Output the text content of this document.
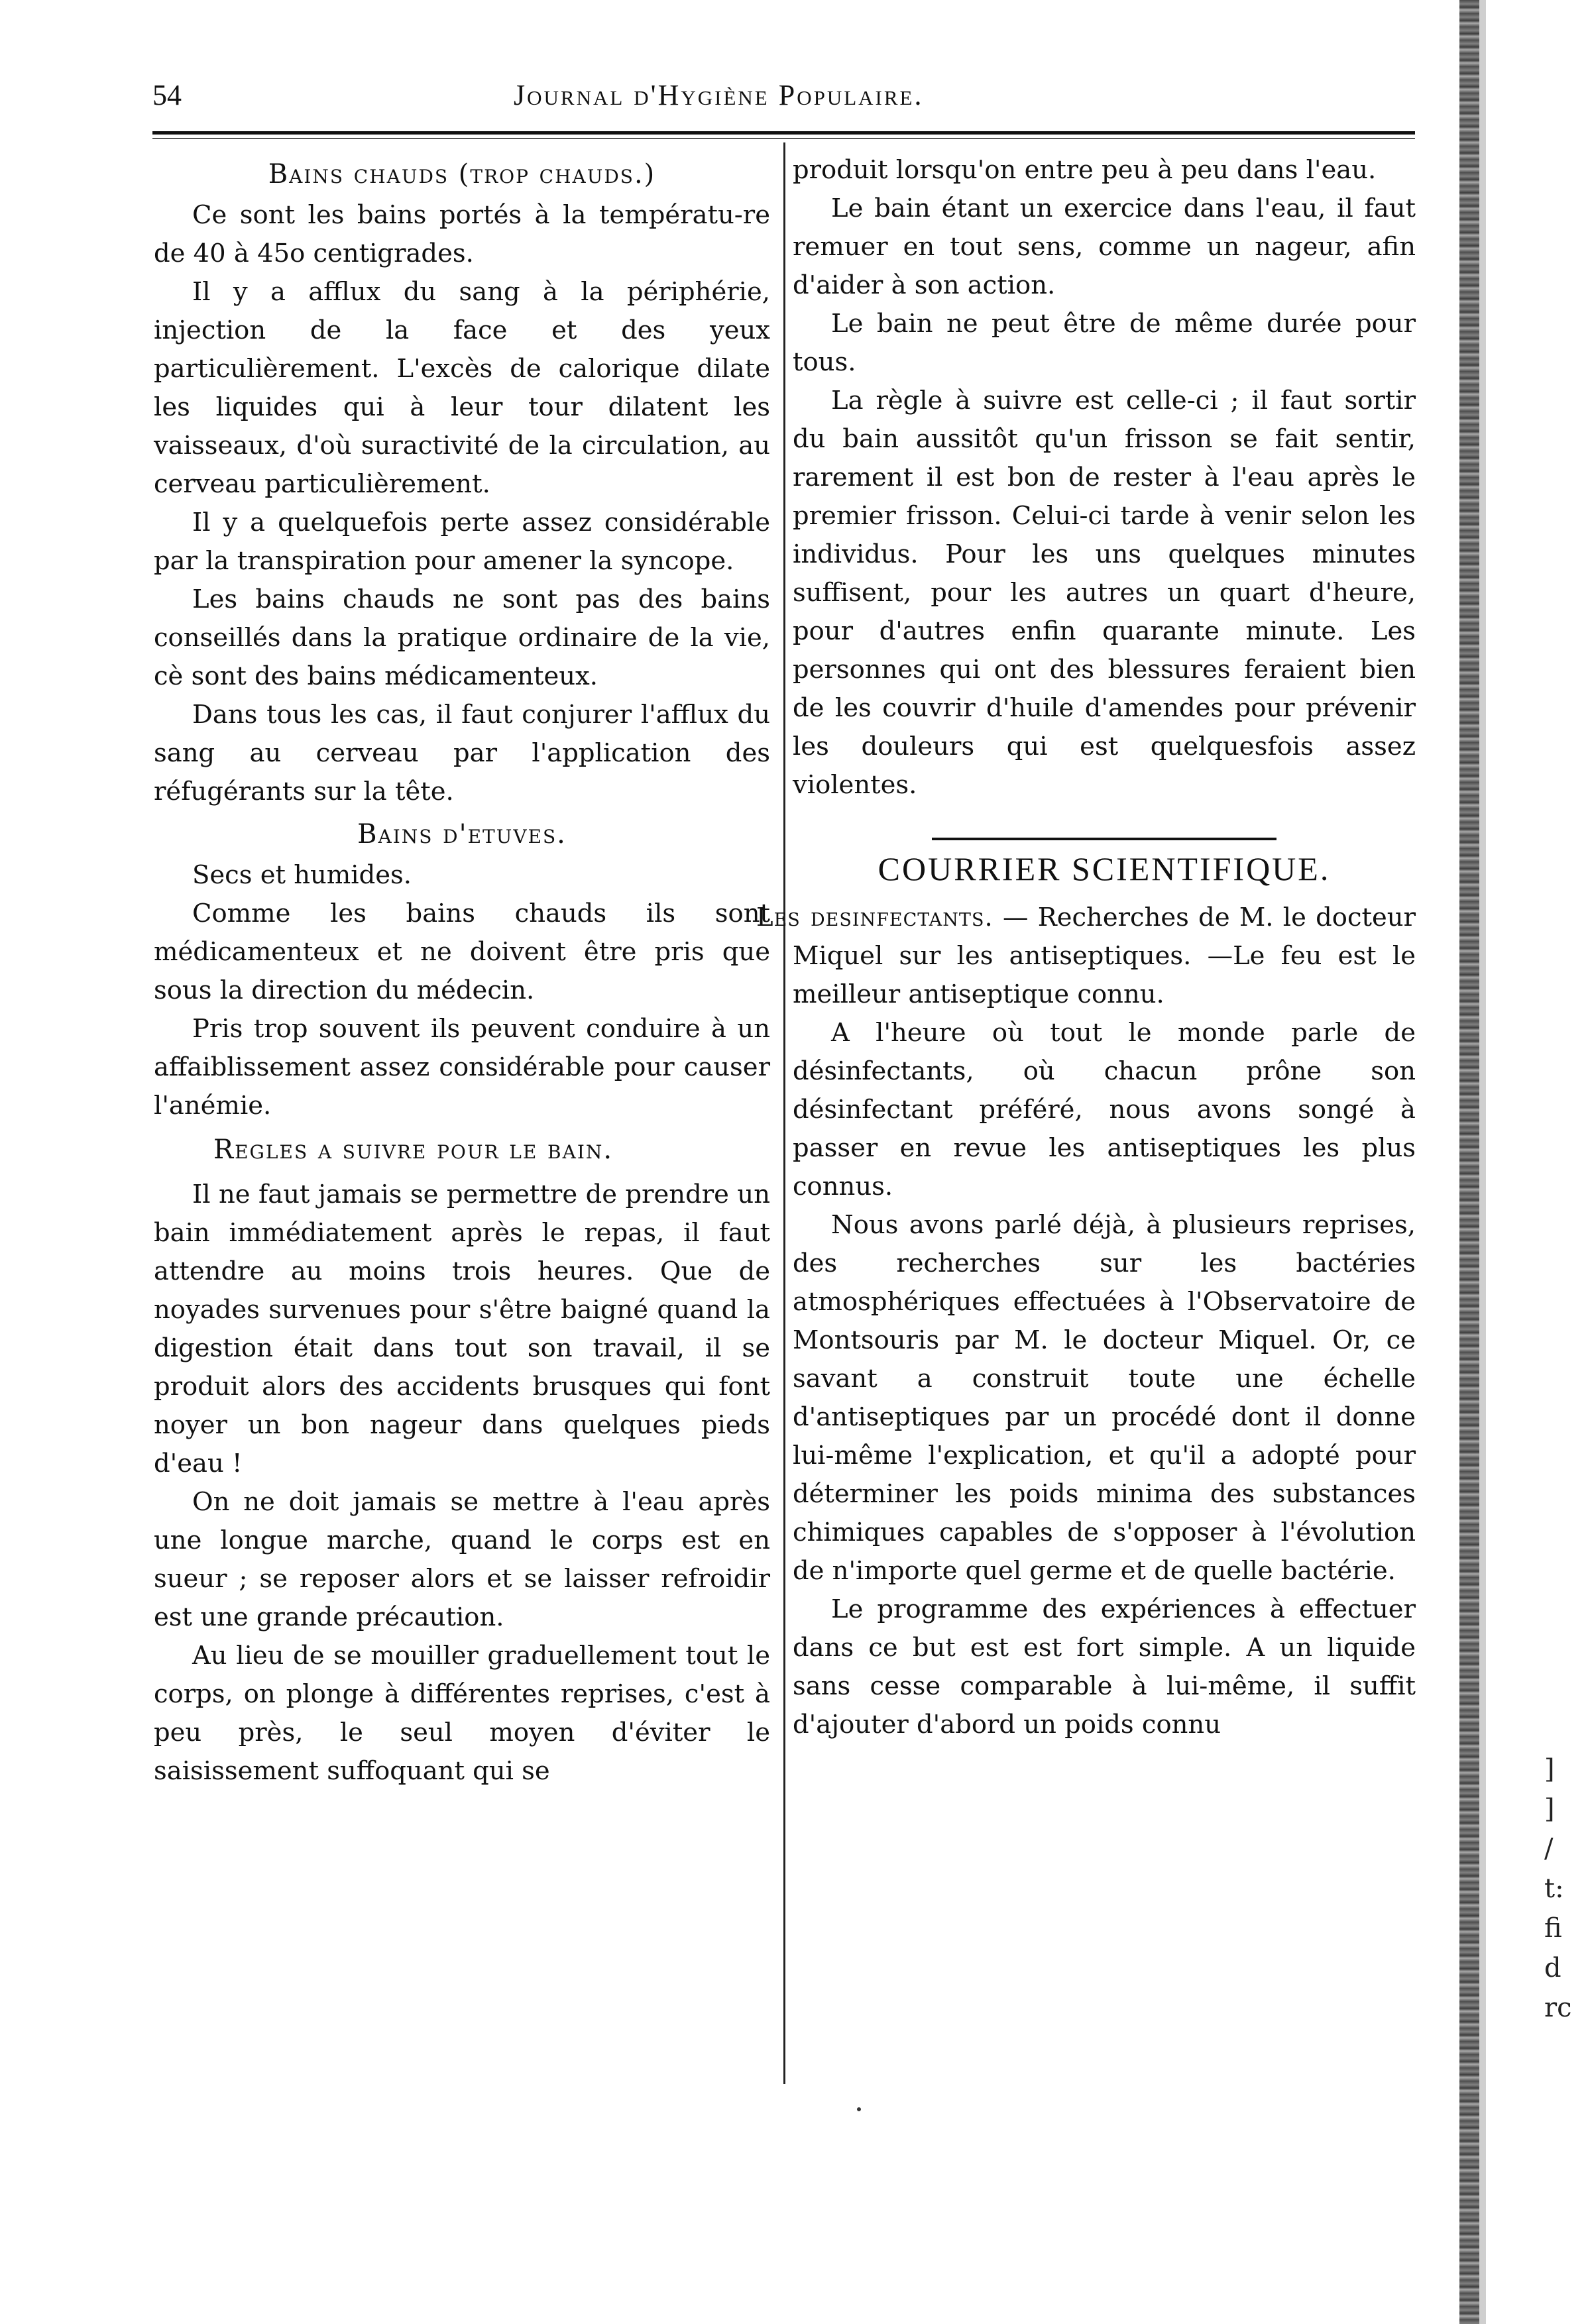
54	Journal d'Hygiène Populaire.

Bains chauds (trop chauds.)

Ce sont les bains portés à la températu-re de 40 à 45o centigrades.

Il y a afflux du sang à la périphérie, injection de la face et des yeux particulièrement. L'excès de calorique dilate les liquides qui à leur tour dilatent les vaisseaux, d'où suractivité de la circulation, au cerveau particulièrement.

Il y a quelquefois perte assez considérable par la transpiration pour amener la syncope.

Les bains chauds ne sont pas des bains conseillés dans la pratique ordinaire de la vie, cè sont des bains médicamenteux.

Dans tous les cas, il faut conjurer l'afflux du sang au cerveau par l'application des réfugérants sur la tête.

Bains d'etuves.

Secs et humides.

Comme les bains chauds ils sont médicamenteux et ne doivent être pris que sous la direction du médecin.

Pris trop souvent ils peuvent conduire à un affaiblissement assez considérable pour causer l'anémie.

Regles a suivre pour le bain.

Il ne faut jamais se permettre de prendre un bain immédiatement après le repas, il faut attendre au moins trois heures. Que de noyades survenues pour s'être baigné quand la digestion était dans tout son travail, il se produit alors des accidents brusques qui font noyer un bon nageur dans quelques pieds d'eau !

On ne doit jamais se mettre à l'eau après une longue marche, quand le corps est en sueur ; se reposer alors et se laisser refroidir est une grande précaution.

Au lieu de se mouiller graduellement tout le corps, on plonge à différentes reprises, c'est à peu près, le seul moyen d'éviter le saisissement suffoquant qui se

produit lorsqu'on entre peu à peu dans l'eau.

Le bain étant un exercice dans l'eau, il faut remuer en tout sens, comme un nageur, afin d'aider à son action.

Le bain ne peut être de même durée pour tous.

La règle à suivre est celle-ci ; il faut sortir du bain aussitôt qu'un frisson se fait sentir, rarement il est bon de rester à l'eau après le premier frisson. Celui-ci tarde à venir selon les individus. Pour les uns quelques minutes suffisent, pour les autres un quart d'heure, pour d'autres enfin quarante minute. Les personnes qui ont des blessures feraient bien de les couvrir d'huile d'amendes pour prévenir les douleurs qui est quelquesfois assez violentes.

COURRIER SCIENTIFIQUE.

Les desinfectants. — Recherches de M. le docteur Miquel sur les antiseptiques. —Le feu est le meilleur antiseptique connu.

A l'heure où tout le monde parle de désinfectants, où chacun prône son désinfectant préféré, nous avons songé à passer en revue les antiseptiques les plus connus.

Nous avons parlé déjà, à plusieurs reprises, des recherches sur les bactéries atmosphériques effectuées à l'Observatoire de Montsouris par M. le docteur Miquel. Or, ce savant a construit toute une échelle d'antiseptiques par un procédé dont il donne lui-même l'explication, et qu'il a adopté pour déterminer les poids minima des substances chimiques capables de s'opposer à l'évolution de n'importe quel germe et de quelle bactérie.

Le programme des expériences à effectuer dans ce but est est fort simple. A un liquide sans cesse comparable à lui-même, il suffit d'ajouter d'abord un poids connu

]
]
/
t:
fi
d
rc
